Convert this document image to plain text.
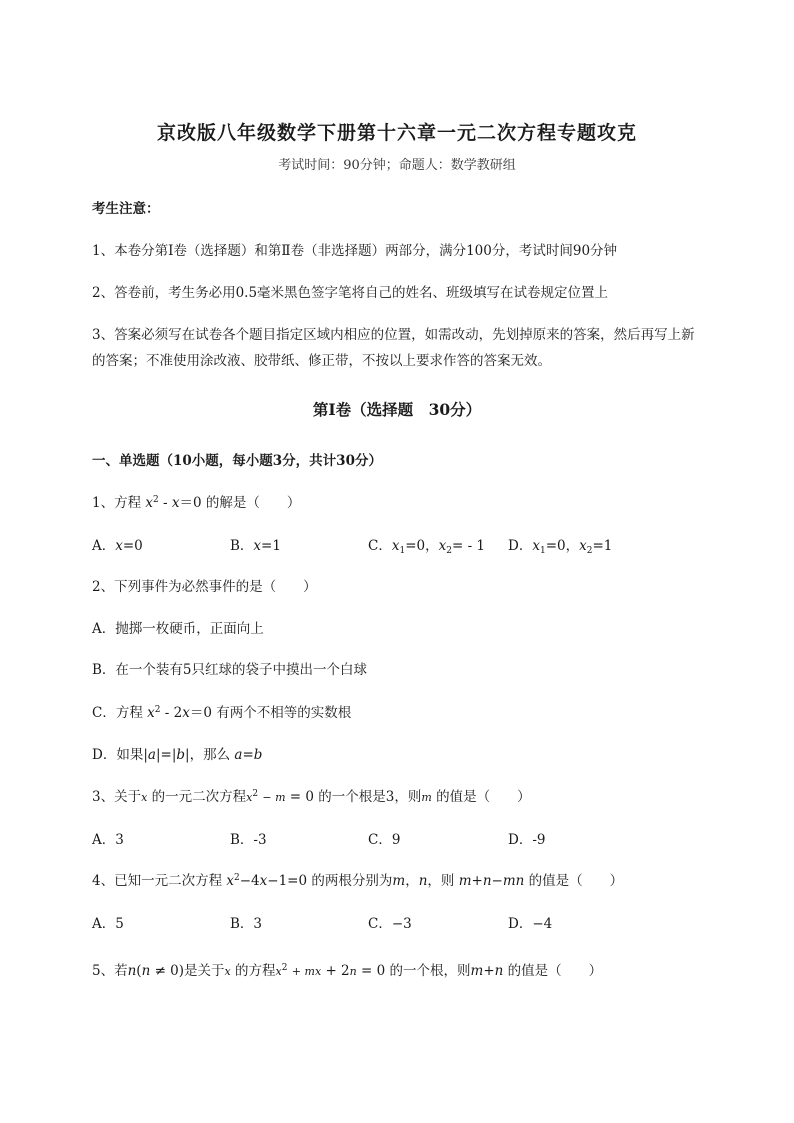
京改版八年级数学下册第十六章一元二次方程专题攻克
考试时间：90分钟；命题人：数学教研组
考生注意：
1、本卷分第I卷（选择题）和第Ⅱ卷（非选择题）两部分，满分100分，考试时间90分钟
2、答卷前，考生务必用0.5毫米黑色签字笔将自己的姓名、班级填写在试卷规定位置上
3、答案必须写在试卷各个题目指定区域内相应的位置，如需改动，先划掉原来的答案，然后再写上新
的答案；不准使用涂改液、胶带纸、修正带，不按以上要求作答的答案无效。
第I卷（选择题　30分）
一、单选题（10小题，每小题3分，共计30分）
1、方程 $x^2 - x=0$ 的解是（　　）
A．x=0	B．x=1	C．$x_1=0$，$x_2= - 1$ D．$x_1=0$，$x_2=1$
2、下列事件为必然事件的是（　　）
A．抛掷一枚硬币，正面向上
B．在一个装有5只红球的袋子中摸出一个白球
C．方程 $x^2 - 2x=0$ 有两个不相等的实数根
D．如果|a|=|b|，那么 a=b
3、关于x 的一元二次方程$x^2 - m = 0$ 的一个根是3，则m 的值是（　　）
A．3	B．-3	C．9	D．-9
4、已知一元二次方程 $x^2-4x-1=0$ 的两根分别为m，n，则 m+n−mn 的值是（　　）
A．5	B．3	C．−3	D．−4
5、若n(n ≠ 0)是关于x 的方程$x^2$ + mx + 2n = 0 的一个根，则m+n 的值是（　　）
